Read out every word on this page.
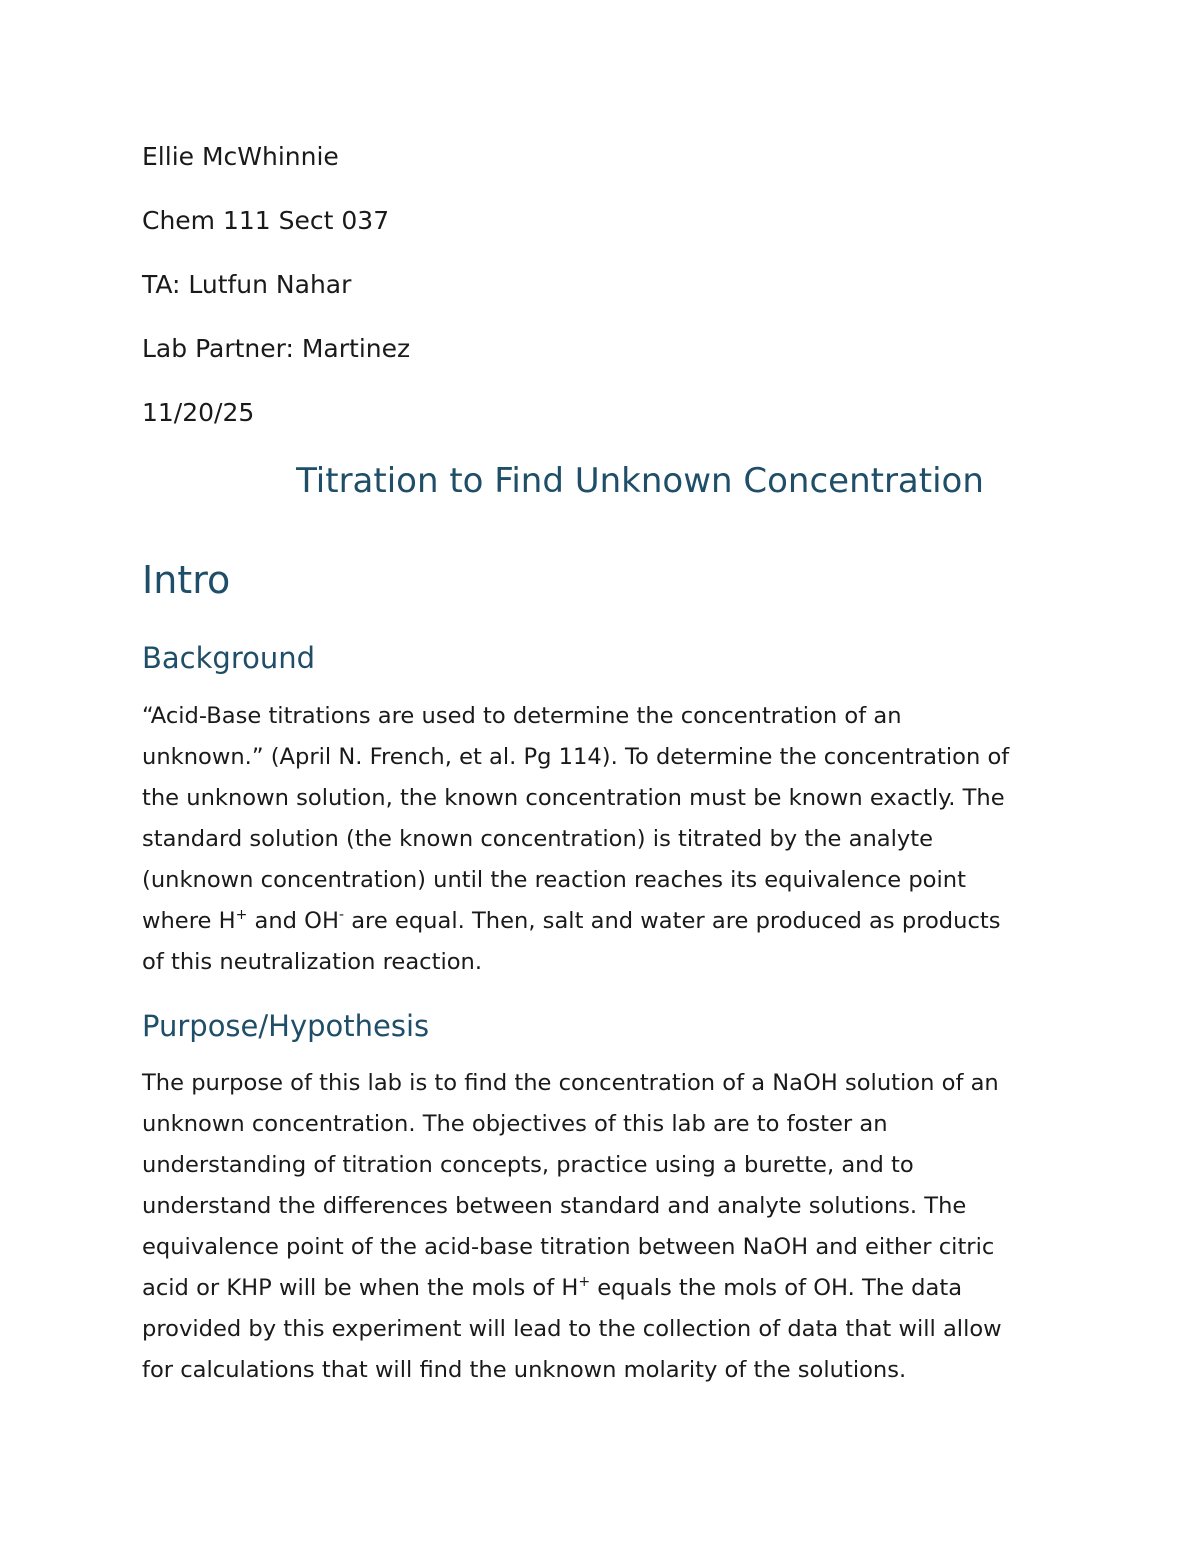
Ellie McWhinnie
Chem 111 Sect 037
TA: Lutfun Nahar
Lab Partner: Martinez
11/20/25
Titration to Find Unknown Concentration
Intro
Background
“Acid-Base titrations are used to determine the concentration of an
unknown.” (April N. French, et al. Pg 114). To determine the concentration of
the unknown solution, the known concentration must be known exactly. The
standard solution (the known concentration) is titrated by the analyte
(unknown concentration) until the reaction reaches its equivalence point
where H+ and OH- are equal. Then, salt and water are produced as products
of this neutralization reaction.
Purpose/Hypothesis
The purpose of this lab is to find the concentration of a NaOH solution of an
unknown concentration. The objectives of this lab are to foster an
understanding of titration concepts, practice using a burette, and to
understand the differences between standard and analyte solutions. The
equivalence point of the acid-base titration between NaOH and either citric
acid or KHP will be when the mols of H+ equals the mols of OH. The data
provided by this experiment will lead to the collection of data that will allow
for calculations that will find the unknown molarity of the solutions.
